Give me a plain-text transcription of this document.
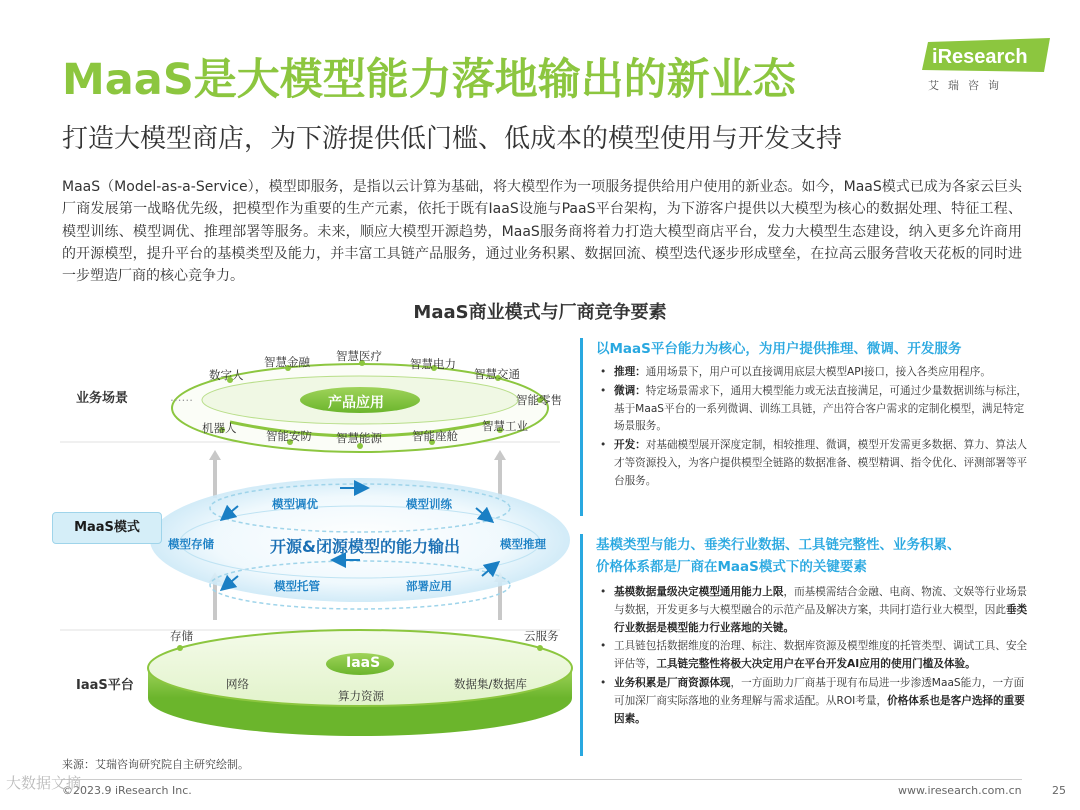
MaaS是大模型能力落地输出的新业态
打造大模型商店，为下游提供低门槛、低成本的模型使用与开发支持
iResearch
艾瑞咨询
MaaS（Model-as-a-Service），模型即服务，是指以云计算为基础，将大模型作为一项服务提供给用户使用的新业态。如今，MaaS模式已成为各家云巨头厂商发展第一战略优先级，把模型作为重要的生产元素，依托于既有IaaS设施与PaaS平台架构，为下游客户提供以大模型为核心的数据处理、特征工程、模型训练、模型调优、推理部署等服务。未来，顺应大模型开源趋势，MaaS服务商将着力打造大模型商店平台，发力大模型生态建设，纳入更多允许商用的开源模型，提升平台的基模类型及能力，并丰富工具链产品服务，通过业务积累、数据回流、模型迭代逐步形成壁垒，在拉高云服务营收天花板的同时进一步塑造厂商的核心竞争力。
MaaS商业模式与厂商竞争要素
业务场景
MaaS模式
IaaS平台
数字人
智慧金融 智慧医疗
智慧电力
智慧交通
智能零售
……	产品应用
机器人
智能安防 智慧能源	智能座舱
智慧工业
模型调优	模型训练
模型存储	开源&闭源模型的能力输出	模型推理
模型托管	部署应用
存储	云服务
IaaS
网络
算力资源
数据集/数据库
以MaaS平台能力为核心，为用户提供推理、微调、开发服务
• 推理：通用场景下，用户可以直接调用底层大模型API接口，接入各类应用程序。
• 微调：特定场景需求下，通用大模型能力或无法直接满足，可通过少量数据训练与标注，基于MaaS平台的一系列微调、训练工具链，产出符合客户需求的定制化模型，满足特定场景服务。
• 开发：对基础模型展开深度定制，相较推理、微调，模型开发需更多数据、算力、算法人才等资源投入，为客户提供模型全链路的数据准备、模型精调、指令优化、评测部署等平台服务。
基模类型与能力、垂类行业数据、工具链完整性、业务积累、
价格体系都是厂商在MaaS模式下的关键要素
• 基模数据量级决定模型通用能力上限，而基模需结合金融、电商、物流、文娱等行业场景与数据，开发更多与大模型融合的示范产品及解决方案，共同打造行业大模型，因此垂类行业数据是模型能力行业落地的关键。
• 工具链包括数据维度的治理、标注、数据库资源及模型维度的托管类型、调试工具、安全评估等，工具链完整性将极大决定用户在平台开发AI应用的使用门槛及体验。
• 业务积累是厂商资源体现，一方面助力厂商基于现有布局进一步渗透MaaS能力，一方面可加深厂商实际落地的业务理解与需求适配。从ROI考量，价格体系也是客户选择的重要因素。
来源：艾瑞咨询研究院自主研究绘制。
©2023.9 iResearch Inc.	www.iresearch.com.cn	25
大数据文摘
